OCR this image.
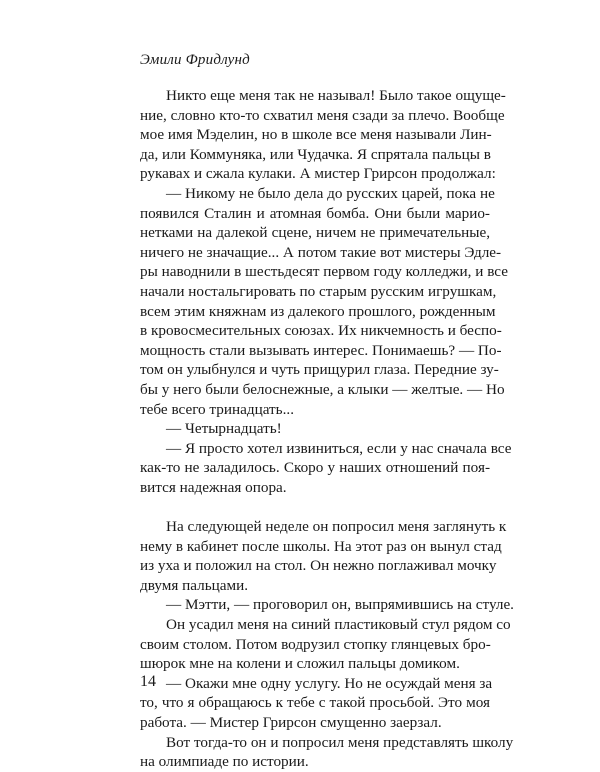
Эмили Фридлунд
Никто еще меня так не называл! Было такое ощуще-
ние, словно кто-то схватил меня сзади за плечо. Вообще
мое имя Мэделин, но в школе все меня называли Лин-
да, или Коммуняка, или Чудачка. Я спрятала пальцы в
рукавах и сжала кулаки. А мистер Грирсон продолжал:
— Никому не было дела до русских царей, пока не
появился Сталин и атомная бомба. Они были марио-
нетками на далекой сцене, ничем не примечательные,
ничего не значащие... А потом такие вот мистеры Эдле-
ры наводнили в шестьдесят первом году колледжи, и все
начали ностальгировать по старым русским игрушкам,
всем этим княжнам из далекого прошлого, рожденным
в кровосмесительных союзах. Их никчемность и беспо-
мощность стали вызывать интерес. Понимаешь? — По-
том он улыбнулся и чуть прищурил глаза. Передние зу-
бы у него были белоснежные, а клыки — желтые. — Но
тебе всего тринадцать...
— Четырнадцать!
— Я просто хотел извиниться, если у нас сначала все
как-то не заладилось. Скоро у наших отношений поя-
вится надежная опора.
На следующей неделе он попросил меня заглянуть к
нему в кабинет после школы. На этот раз он вынул стад
из уха и положил на стол. Он нежно поглаживал мочку
двумя пальцами.
— Мэтти, — проговорил он, выпрямившись на стуле.
Он усадил меня на синий пластиковый стул рядом со
своим столом. Потом водрузил стопку глянцевых бро-
шюрок мне на колени и сложил пальцы домиком.
— Окажи мне одну услугу. Но не осуждай меня за
то, что я обращаюсь к тебе с такой просьбой. Это моя
работа. — Мистер Грирсон смущенно заерзал.
Вот тогда-то он и попросил меня представлять школу
на олимпиаде по истории.
14
